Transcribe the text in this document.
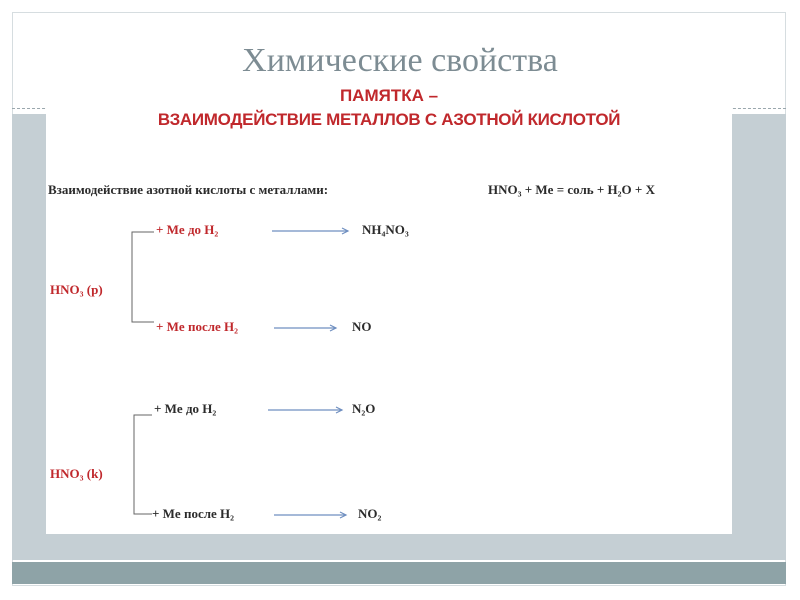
Химические свойства
ПАМЯТКА –
ВЗАИМОДЕЙСТВИЕ МЕТАЛЛОВ С АЗОТНОЙ КИСЛОТОЙ
Взаимодействие азотной кислоты с металлами:	HNO₃ + Me = соль + H₂O + X
HNO₃ (р)
+ Me до H₂	NH₄NO₃
+ Me после H₂	NO
HNO₃ (k)
+ Me до H₂	N₂O
+ Me после H₂	NO₂
